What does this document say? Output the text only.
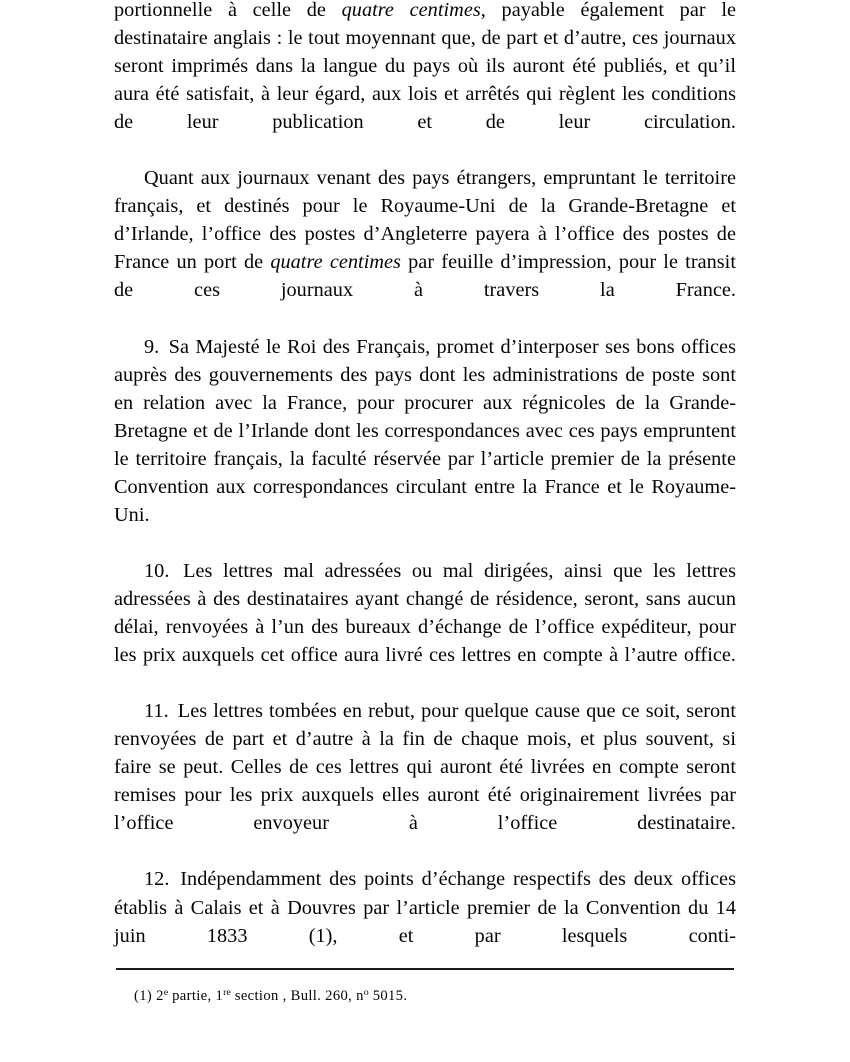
portionnelle à celle de quatre centimes, payable également par le destinataire anglais : le tout moyennant que, de part et d’autre, ces journaux seront imprimés dans la langue du pays où ils auront été publiés, et qu’il aura été satisfait, à leur égard, aux lois et arrêtés qui règlent les conditions de leur publication et de leur circulation.

Quant aux journaux venant des pays étrangers, empruntant le territoire français, et destinés pour le Royaume-Uni de la Grande-Bretagne et d’Irlande, l’office des postes d’Angleterre payera à l’office des postes de France un port de quatre centimes par feuille d’impression, pour le transit de ces journaux à travers la France.

9. Sa Majesté le Roi des Français, promet d’interposer ses bons offices auprès des gouvernements des pays dont les administrations de poste sont en relation avec la France, pour procurer aux régnicoles de la Grande-Bretagne et de l’Irlande dont les correspondances avec ces pays empruntent le territoire français, la faculté réservée par l’article premier de la présente Convention aux correspondances circulant entre la France et le Royaume-Uni.

10. Les lettres mal adressées ou mal dirigées, ainsi que les lettres adressées à des destinataires ayant changé de résidence, seront, sans aucun délai, renvoyées à l’un des bureaux d’échange de l’office expéditeur, pour les prix auxquels cet office aura livré ces lettres en compte à l’autre office.

11. Les lettres tombées en rebut, pour quelque cause que ce soit, seront renvoyées de part et d’autre à la fin de chaque mois, et plus souvent, si faire se peut. Celles de ces lettres qui auront été livrées en compte seront remises pour les prix auxquels elles auront été originairement livrées par l’office envoyeur à l’office destinataire.

12. Indépendamment des points d’échange respectifs des deux offices établis à Calais et à Douvres par l’article premier de la Convention du 14 juin 1833 (1), et par lesquels conti-

(1) 2e partie, 1re section , Bull. 260, $n^o$ 5015.
